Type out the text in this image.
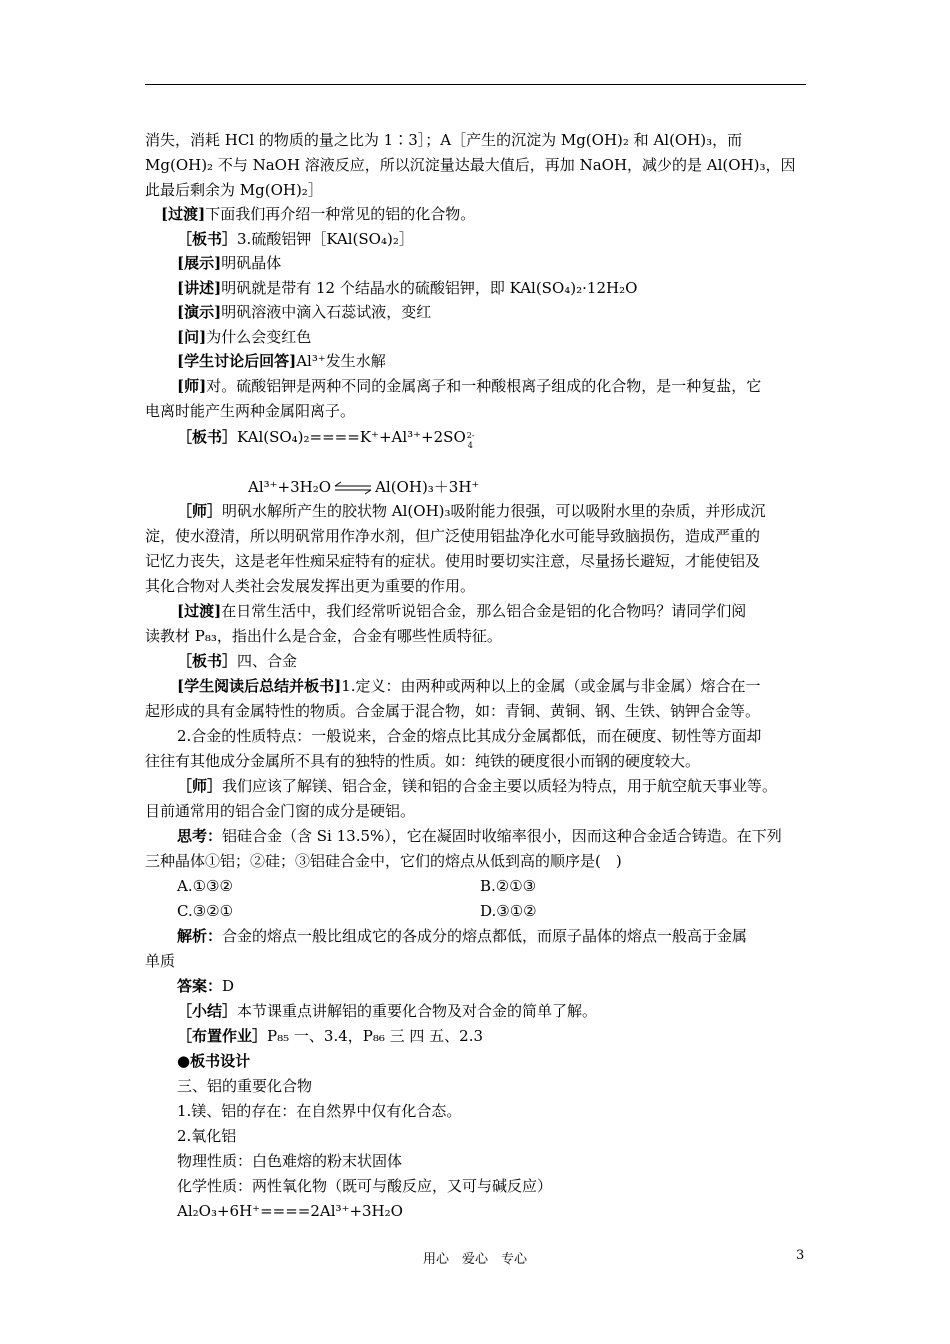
消失，消耗 HCl 的物质的量之比为 1∶3］；A［产生的沉淀为 Mg(OH)₂ 和 Al(OH)₃，而
Mg(OH)₂ 不与 NaOH 溶液反应，所以沉淀量达最大值后，再加 NaOH，减少的是 Al(OH)₃，因
此最后剩余为 Mg(OH)₂］
[过渡]下面我们再介绍一种常见的铝的化合物。
［板书］3.硫酸铝钾［KAl(SO₄)₂］
[展示]明矾晶体
[讲述]明矾就是带有 12 个结晶水的硫酸铝钾，即 KAl(SO₄)₂·12H₂O
[演示]明矾溶液中滴入石蕊试液，变红
[问]为什么会变红色
[学生讨论后回答]Al³⁺发生水解
[师]对。硫酸铝钾是两种不同的金属离子和一种酸根离子组成的化合物，是一种复盐，它
电离时能产生两种金属阳离子。
［板书］KAl(SO₄)₂====K⁺+Al³⁺+2SO 2-
4
Al³⁺+3H₂O ⇌ Al(OH)₃＋3H⁺
［师］明矾水解所产生的胶状物 Al(OH)₃吸附能力很强，可以吸附水里的杂质，并形成沉
淀，使水澄清，所以明矾常用作净水剂，但广泛使用铝盐净化水可能导致脑损伤，造成严重的
记忆力丧失，这是老年性痴呆症特有的症状。使用时要切实注意，尽量扬长避短，才能使铝及
其化合物对人类社会发展发挥出更为重要的作用。
[过渡]在日常生活中，我们经常听说铝合金，那么铝合金是铝的化合物吗？请同学们阅
读教材 P₈₃，指出什么是合金，合金有哪些性质特征。
［板书］四、合金
[学生阅读后总结并板书]1.定义：由两种或两种以上的金属（或金属与非金属）熔合在一
起形成的具有金属特性的物质。合金属于混合物，如：青铜、黄铜、钢、生铁、钠钾合金等。
2.合金的性质特点：一般说来，合金的熔点比其成分金属都低，而在硬度、韧性等方面却
往往有其他成分金属所不具有的独特的性质。如：纯铁的硬度很小而钢的硬度较大。
［师］我们应该了解镁、铝合金，镁和铝的合金主要以质轻为特点，用于航空航天事业等。
目前通常用的铝合金门窗的成分是硬铝。
思考：铝硅合金（含 Si 13.5%），它在凝固时收缩率很小，因而这种合金适合铸造。在下列
三种晶体①铝；②硅；③铝硅合金中，它们的熔点从低到高的顺序是(　)
A.①③②	B.②①③
C.③②①	D.③①②
解析：合金的熔点一般比组成它的各成分的熔点都低，而原子晶体的熔点一般高于金属
单质
答案：D
［小结］本节课重点讲解铝的重要化合物及对合金的简单了解。
［布置作业］P₈₅ 一、3.4，P₈₆ 三 四 五、2.3
●板书设计
三、铝的重要化合物
1.镁、铝的存在：在自然界中仅有化合态。
2.氧化铝
物理性质：白色难熔的粉末状固体
化学性质：两性氧化物（既可与酸反应，又可与碱反应）
Al₂O₃+6H⁺====2Al³⁺+3H₂O
用心　爱心　专心	3
